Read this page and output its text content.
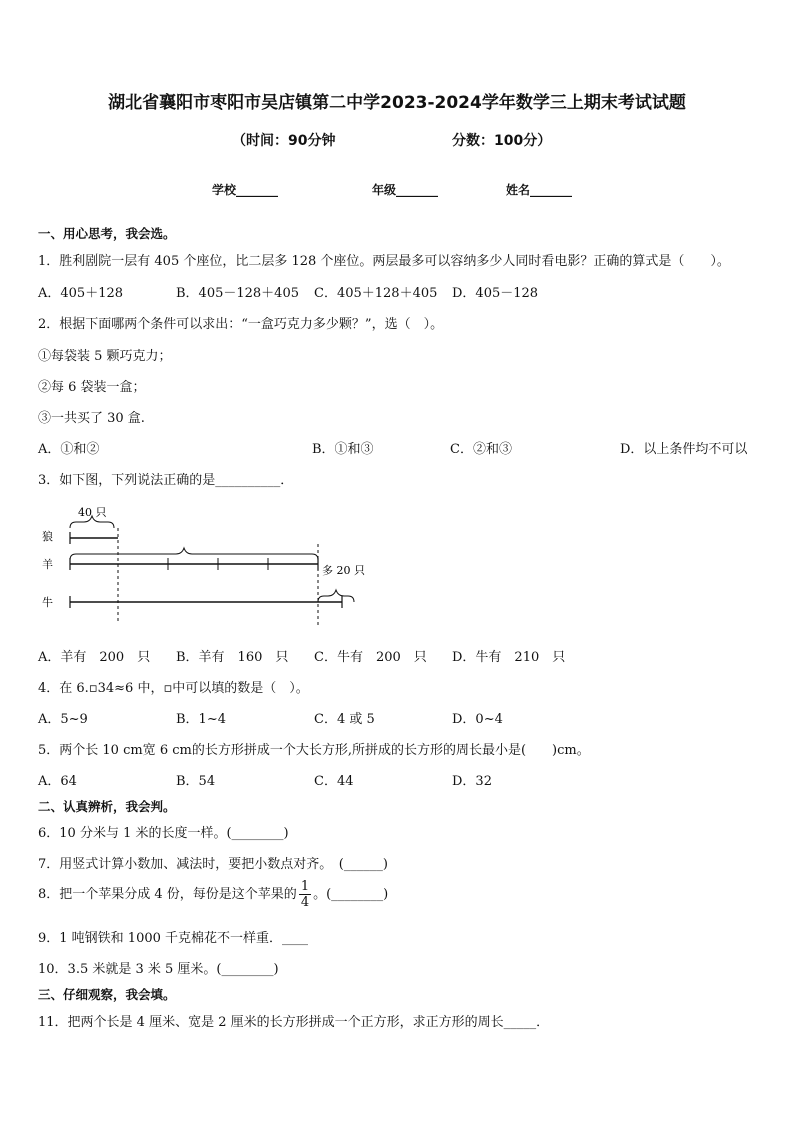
湖北省襄阳市枣阳市吴店镇第二中学2023-2024学年数学三上期末考试试题
（时间：90分钟	分数：100分）
学校_______	年级_______	姓名_______
一、用心思考，我会选。
1．胜利剧院一层有 405 个座位，比二层多 128 个座位。两层最多可以容纳多少人同时看电影？正确的算式是（　　）。
A．405＋128	B．405－128＋405 C．405＋128＋405 D．405－128
2．根据下面哪两个条件可以求出：“一盒巧克力多少颗？”，选（　）。
①每袋装 5 颗巧克力；
②每 6 袋装一盒；
③一共买了 30 盒.
A．①和②	B．①和③	C．②和③	D．以上条件均不可以
3．如下图，下列说法正确的是__________．
40 只
狼
羊	多 20 只
牛
A．羊有　200　只 B．羊有　160　只 C．牛有　200　只 D．牛有　210　只
4．在 6.▫34≈6 中，▫中可以填的数是（　）。
A．5~9	B．1~4	C．4 或 5	D．0~4
5．两个长 10 cm宽 6 cm的长方形拼成一个大长方形,所拼成的长方形的周长最小是(　　)cm。
A．64	B．54	C．44	D．32
二、认真辨析，我会判。
6．10 分米与 1 米的长度一样。(________)
7．用竖式计算小数加、减法时，要把小数点对齐。　(______)
8．把一个苹果分成 4 份，每份是这个苹果的 $\frac{1}{4}$ 。(________)
9．1 吨钢铁和 1000 千克棉花不一样重．____
10．3.5 米就是 3 米 5 厘米。(________)
三、仔细观察，我会填。
11．把两个长是 4 厘米、宽是 2 厘米的长方形拼成一个正方形，求正方形的周长_____．
